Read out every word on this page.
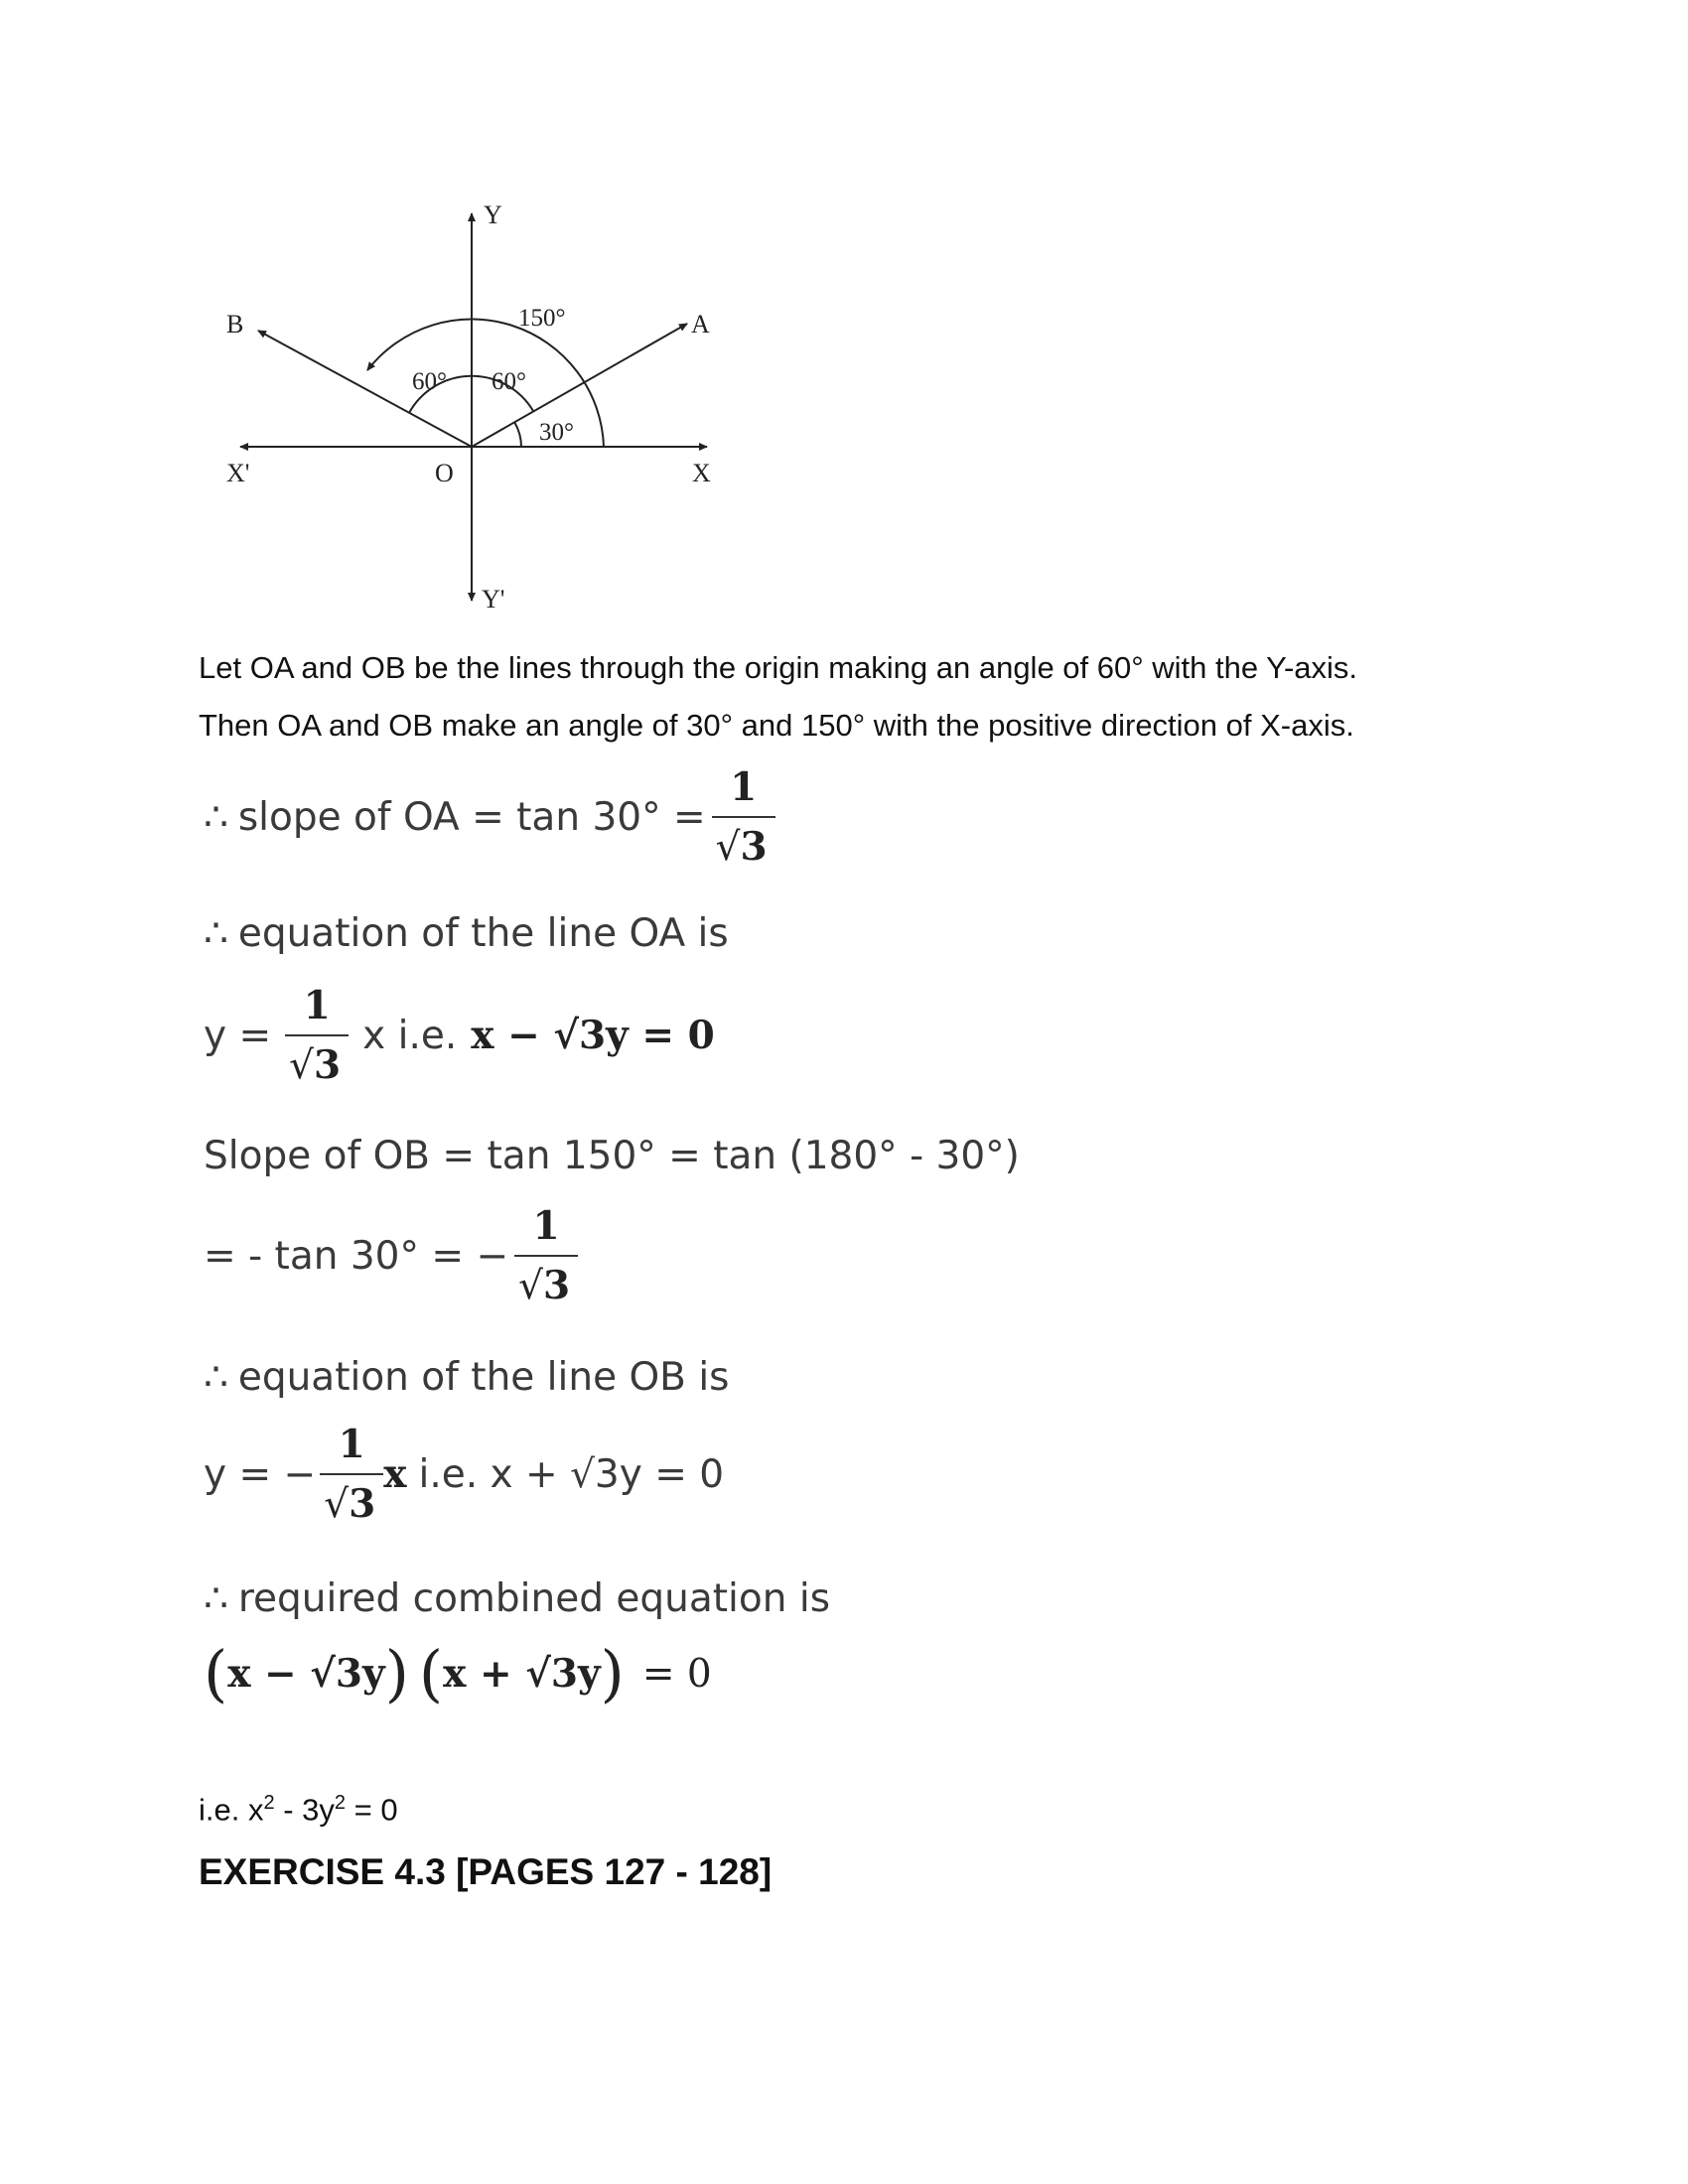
Y
Y'
X
X'	O
A
B	150°
60° 60°
30°

Let OA and OB be the lines through the origin making an angle of 60° with the Y-axis.

Then OA and OB make an angle of 30° and 150° with the positive direction of X-axis.

∴ slope of OA = $\tan 30^\circ = \frac{1}{√3}$
∴ equation of the line OA is
$y = \frac{1}{√3}$ x i.e. x − √3y = 0
Slope of OB = tan 150° = tan (180° - 30°)
= - tan 30° = − $\frac{1}{√3}$
∴ equation of the line OB is
y = − $\frac{1}{√3}$ x i.e. x + √3y = 0
∴ required combined equation is
( x − √3y ) ( x + √3y ) = 0

i.e. $x^2 - 3y^2 = 0$

EXERCISE 4.3 [PAGES 127 - 128]
